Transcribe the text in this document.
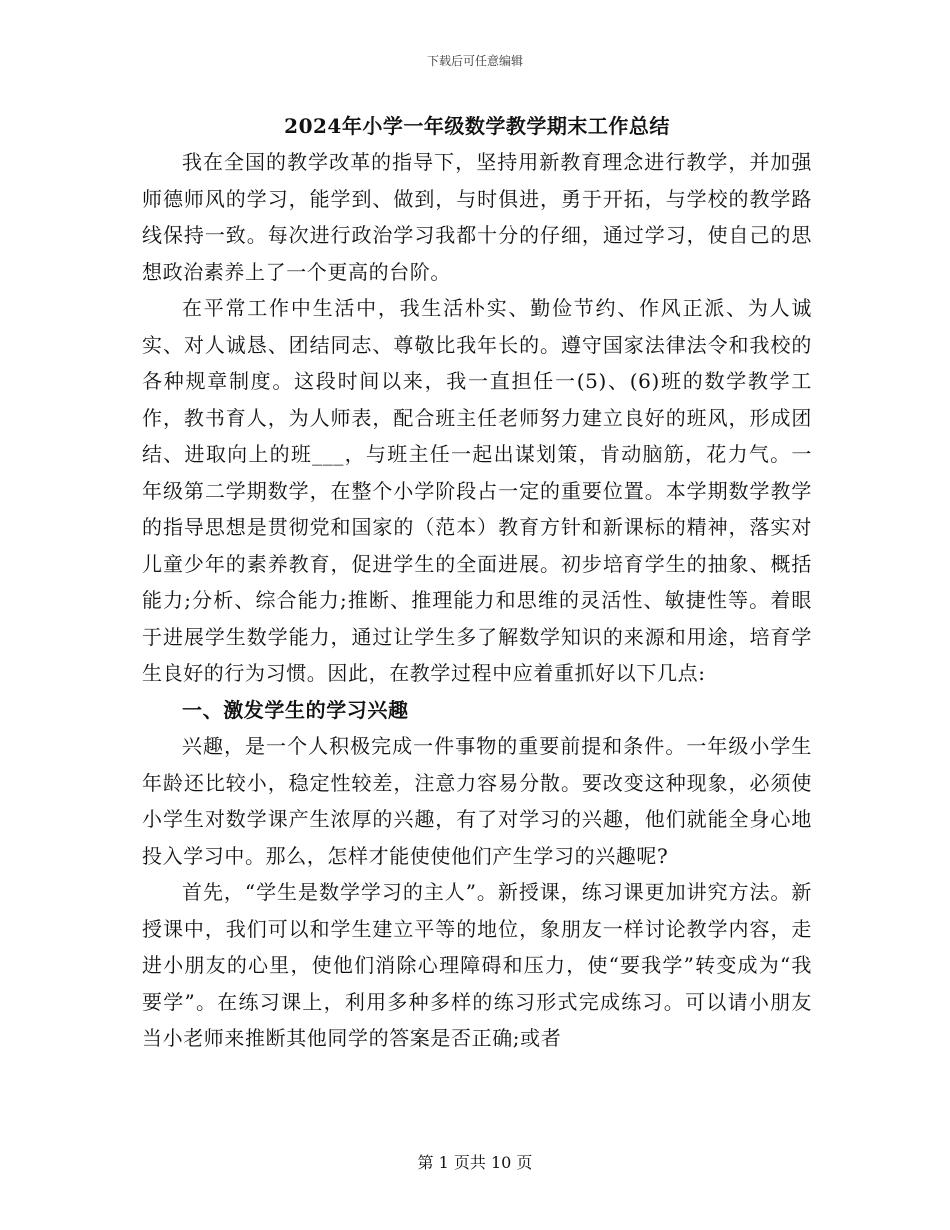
下载后可任意编辑

2024年小学一年级数学教学期末工作总结

我在全国的教学改革的指导下，坚持用新教育理念进行教学，并加强师德师风的学习，能学到、做到，与时俱进，勇于开拓，与学校的教学路线保持一致。每次进行政治学习我都十分的仔细，通过学习，使自己的思想政治素养上了一个更高的台阶。

在平常工作中生活中，我生活朴实、勤俭节约、作风正派、为人诚实、对人诚恳、团结同志、尊敬比我年长的。遵守国家法律法令和我校的各种规章制度。这段时间以来，我一直担任一(5)、(6)班的数学教学工作，教书育人，为人师表，配合班主任老师努力建立良好的班风，形成团结、进取向上的班___，与班主任一起出谋划策，肯动脑筋，花力气。一年级第二学期数学，在整个小学阶段占一定的重要位置。本学期数学教学的指导思想是贯彻党和国家的（范本）教育方针和新课标的精神，落实对儿童少年的素养教育，促进学生的全面进展。初步培育学生的抽象、概括能力;分析、综合能力;推断、推理能力和思维的灵活性、敏捷性等。着眼于进展学生数学能力，通过让学生多了解数学知识的来源和用途，培育学生良好的行为习惯。因此，在教学过程中应着重抓好以下几点:

一、激发学生的学习兴趣

兴趣，是一个人积极完成一件事物的重要前提和条件。一年级小学生年龄还比较小，稳定性较差，注意力容易分散。要改变这种现象，必须使小学生对数学课产生浓厚的兴趣，有了对学习的兴趣，他们就能全身心地投入学习中。那么，怎样才能使使他们产生学习的兴趣呢?

首先，“学生是数学学习的主人”。新授课，练习课更加讲究方法。新授课中，我们可以和学生建立平等的地位，象朋友一样讨论教学内容，走进小朋友的心里，使他们消除心理障碍和压力，使“要我学”转变成为“我要学”。在练习课上，利用多种多样的练习形式完成练习。可以请小朋友当小老师来推断其他同学的答案是否正确;或者

第 1 页共 10 页
